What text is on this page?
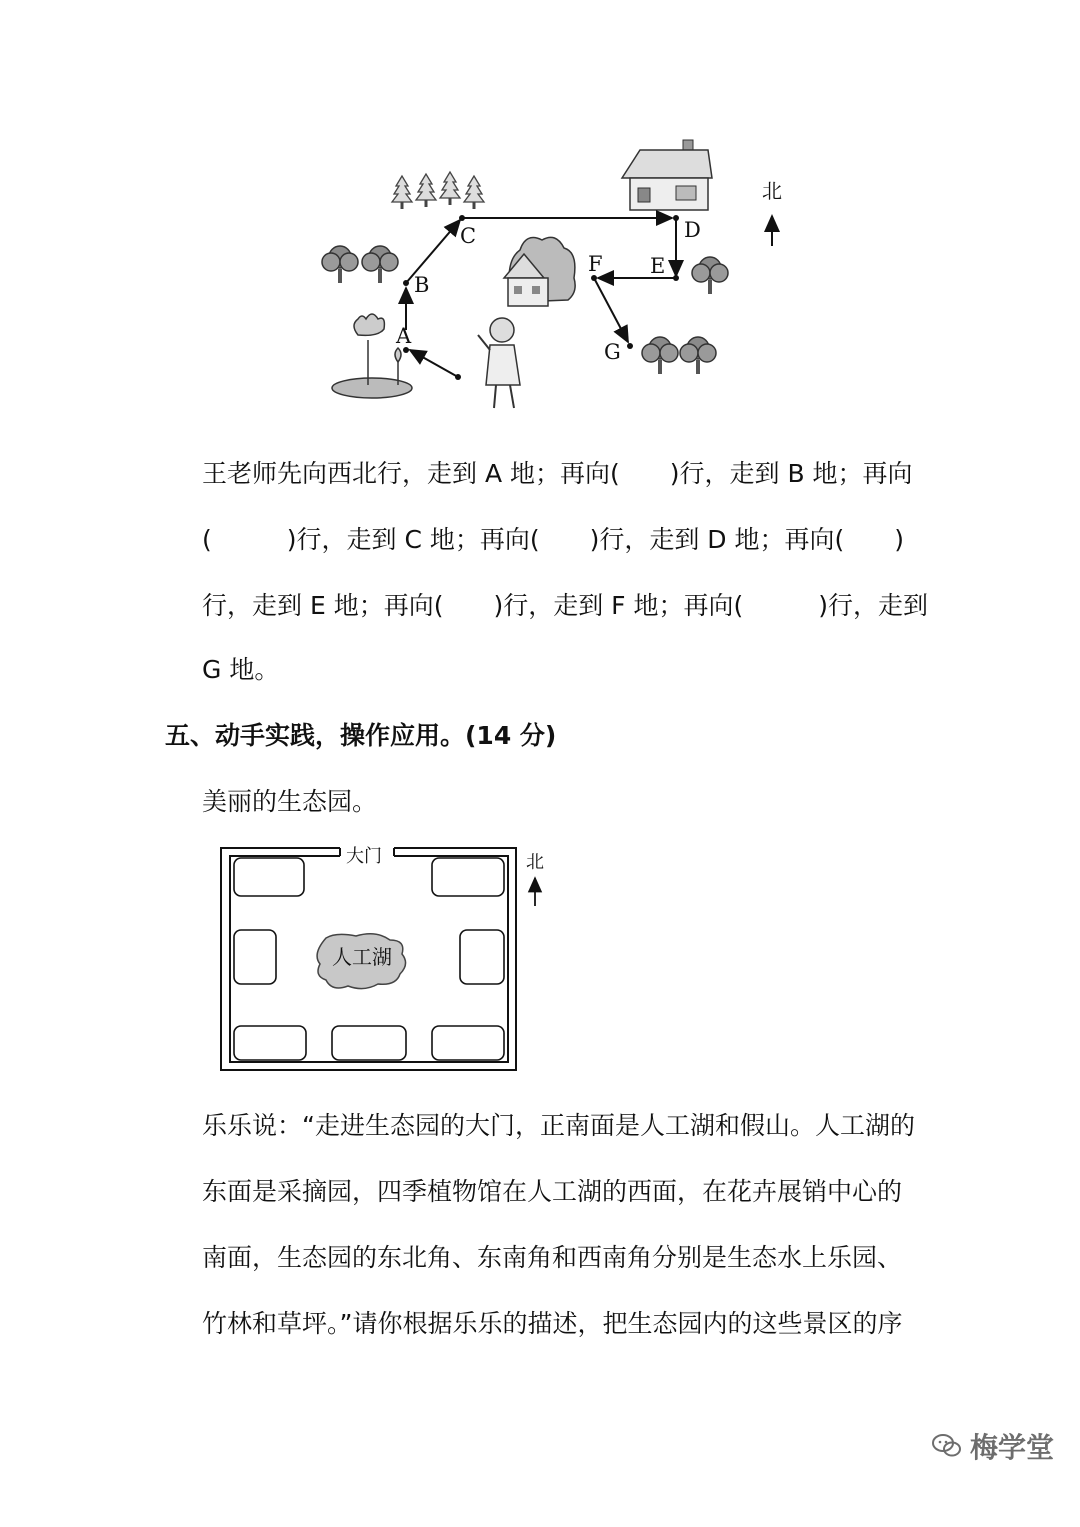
A
B
C	D
E
F
G
北
王老师先向西北行，走到 A 地；再向(　　)行，走到 B 地；再向
(　　　)行，走到 C 地；再向(　　)行，走到 D 地；再向(　　)
行，走到 E 地；再向(　　)行，走到 F 地；再向(　　　)行，走到
G 地。
五、动手实践，操作应用。(14 分)
美丽的生态园。
大门
人工湖
北
乐乐说：“走进生态园的大门，正南面是人工湖和假山。人工湖的
东面是采摘园，四季植物馆在人工湖的西面，在花卉展销中心的
南面，生态园的东北角、东南角和西南角分别是生态水上乐园、
竹林和草坪。”请你根据乐乐的描述，把生态园内的这些景区的序
梅学堂
